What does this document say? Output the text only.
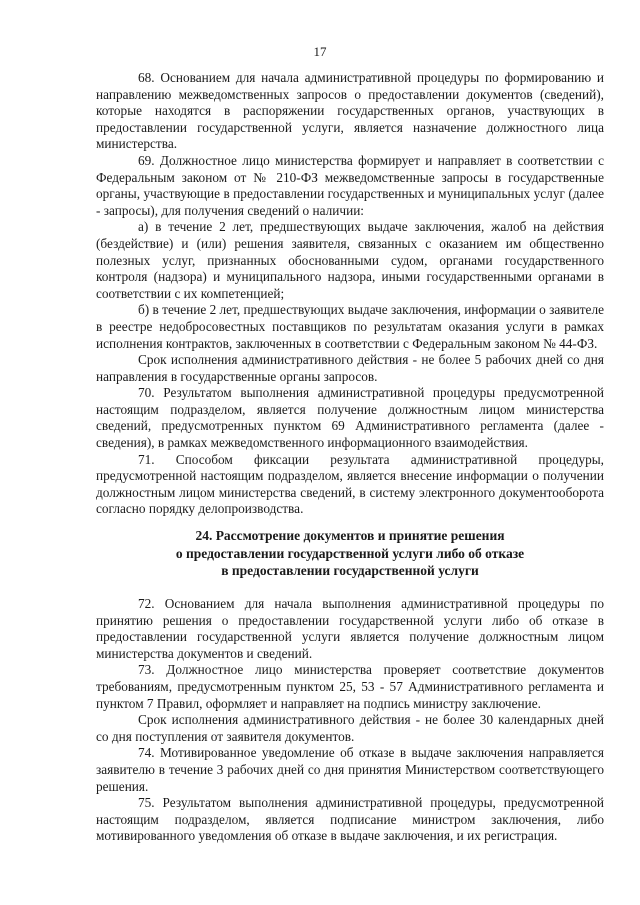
17

68. Основанием для начала административной процедуры по формированию и направлению межведомственных запросов о предоставлении документов (сведений), которые находятся в распоряжении государственных органов, участвующих в предоставлении государственной услуги, является назначение должностного лица министерства.

69. Должностное лицо министерства формирует и направляет в соответствии с Федеральным законом от № 210-ФЗ межведомственные запросы в государственные органы, участвующие в предоставлении государственных и муниципальных услуг (далее - запросы), для получения сведений о наличии:

а) в течение 2 лет, предшествующих выдаче заключения, жалоб на действия (бездействие) и (или) решения заявителя, связанных с оказанием им общественно полезных услуг, признанных обоснованными судом, органами государственного контроля (надзора) и муниципального надзора, иными государственными органами в соответствии с их компетенцией;

б) в течение 2 лет, предшествующих выдаче заключения, информации о заявителе в реестре недобросовестных поставщиков по результатам оказания услуги в рамках исполнения контрактов, заключенных в соответствии с Федеральным законом № 44-ФЗ.

Срок исполнения административного действия - не более 5 рабочих дней со дня направления в государственные органы запросов.

70. Результатом выполнения административной процедуры предусмотренной настоящим подразделом, является получение должностным лицом министерства сведений, предусмотренных пунктом 69 Административного регламента (далее - сведения), в рамках межведомственного информационного взаимодействия.

71. Способом фиксации результата административной процедуры, предусмотренной настоящим подразделом, является внесение информации о получении должностным лицом министерства сведений, в систему электронного документооборота согласно порядку делопроизводства.

24. Рассмотрение документов и принятие решения
о предоставлении государственной услуги либо об отказе
в предоставлении государственной услуги

72. Основанием для начала выполнения административной процедуры по принятию решения о предоставлении государственной услуги либо об отказе в предоставлении государственной услуги является получение должностным лицом министерства документов и сведений.

73. Должностное лицо министерства проверяет соответствие документов требованиям, предусмотренным пунктом 25, 53 - 57 Административного регламента и пунктом 7 Правил, оформляет и направляет на подпись министру заключение.

Срок исполнения административного действия - не более 30 календарных дней со дня поступления от заявителя документов.

74. Мотивированное уведомление об отказе в выдаче заключения направляется заявителю в течение 3 рабочих дней со дня принятия Министерством соответствующего решения.

75. Результатом выполнения административной процедуры, предусмотренной настоящим подразделом, является подписание министром заключения, либо мотивированного уведомления об отказе в выдаче заключения, и их регистрация.
